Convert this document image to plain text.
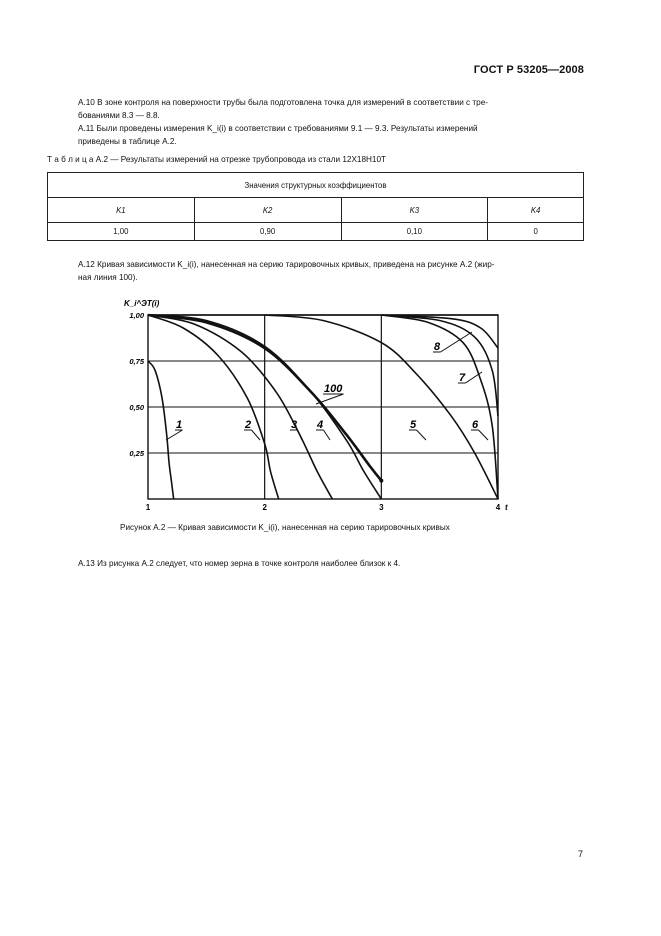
ГОСТ Р 53205—2008
A.10 В зоне контроля на поверхности трубы была подготовлена точка для измерений в соответствии с тре-
бованиями 8.3 — 8.8.
A.11 Были проведены измерения K_i(i) в соответствии с требованиями 9.1 — 9.3. Результаты измерений
приведены в таблице A.2.
Т а б л и ц а A.2 — Результаты измерений на отрезке трубопровода из стали 12Х18Н10Т
Значения структурных коэффициентов			
K1	K2	K3	K4
1,00	0,90	0,10	0
A.12 Кривая зависимости K_i(i), нанесенная на серию тарировочных кривых, приведена на рисунке A.2 (жир-
ная линия 100).
1,00
0,75
0,50
0,25
1	2	3	4 t
1	2	3 4	5	6
7
8
100
K_i^ЭТ(i)
Рисунок A.2 — Кривая зависимости K_i(i), нанесенная на серию тарировочных кривых
A.13 Из рисунка A.2 следует, что номер зерна в точке контроля наиболее близок к 4.
7
